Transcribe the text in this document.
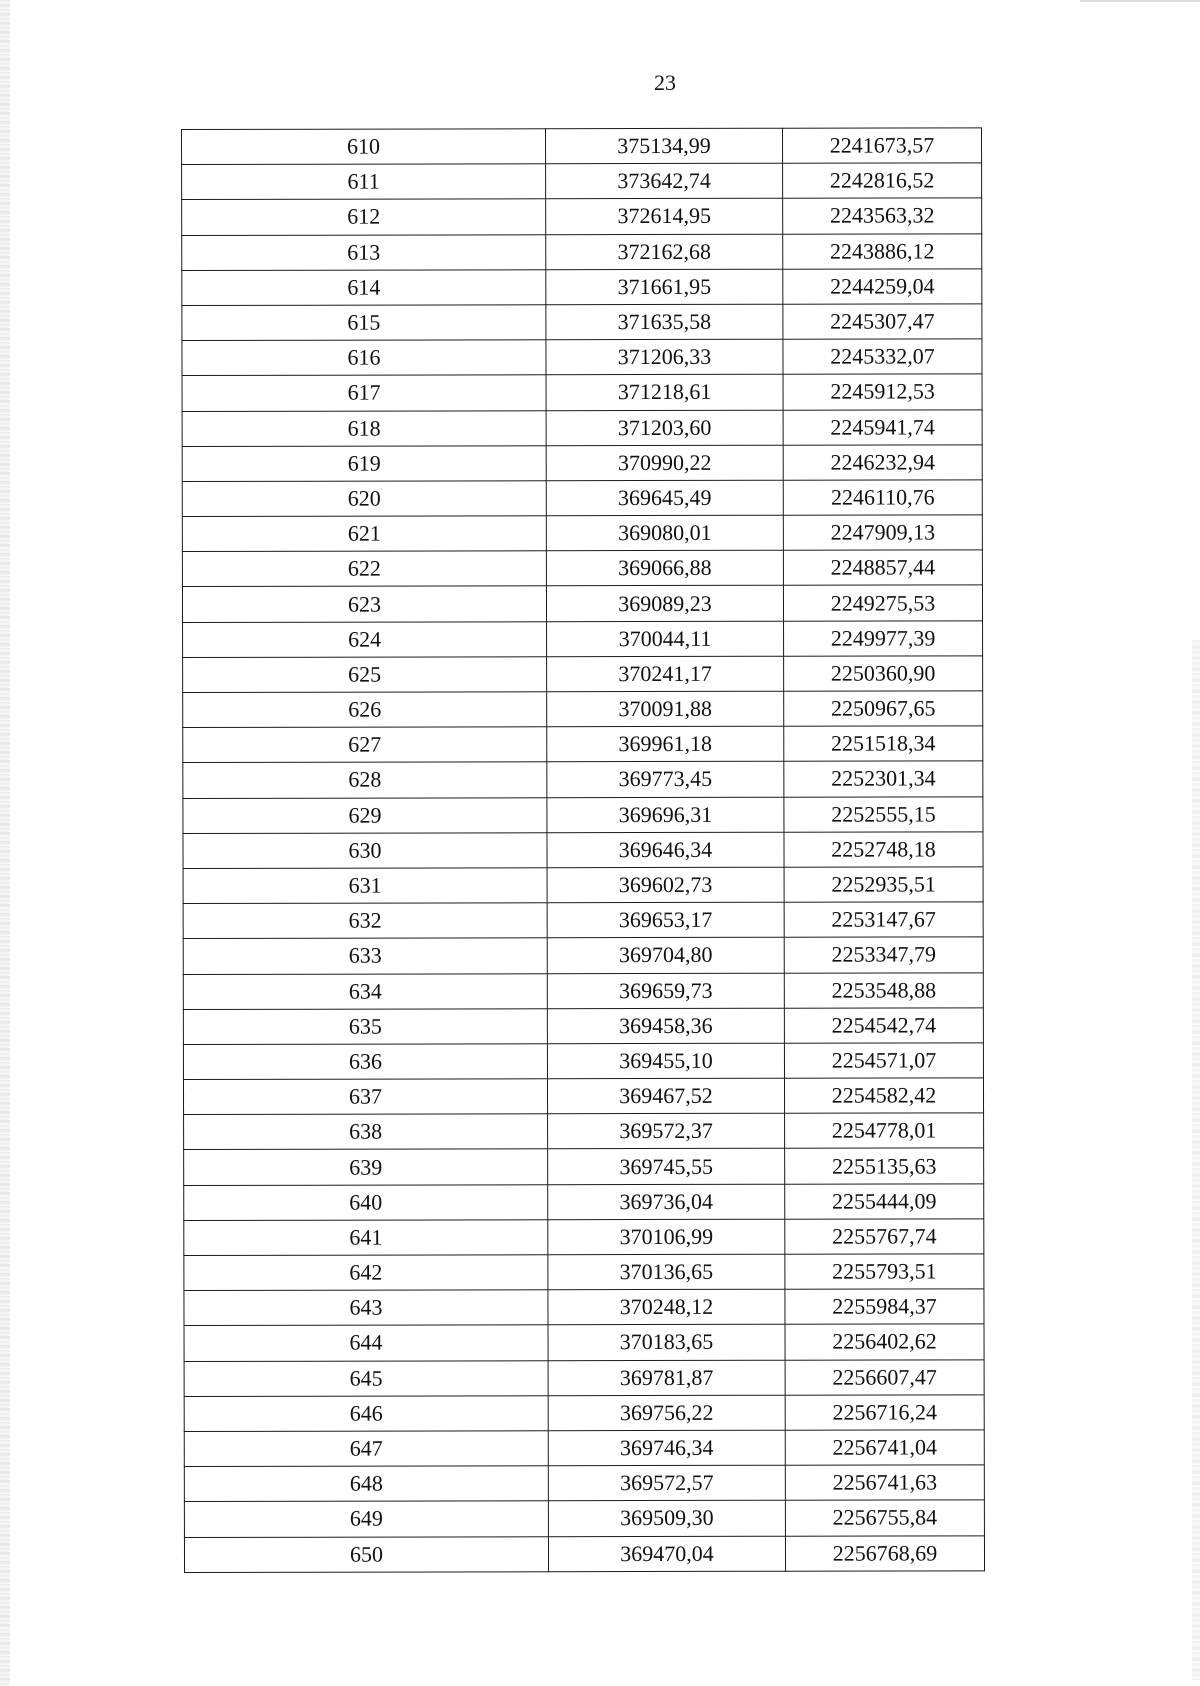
23
610	375134,99	2241673,57
611	373642,74	2242816,52
612	372614,95	2243563,32
613	372162,68	2243886,12
614	371661,95	2244259,04
615	371635,58	2245307,47
616	371206,33	2245332,07
617	371218,61	2245912,53
618	371203,60	2245941,74
619	370990,22	2246232,94
620	369645,49	2246110,76
621	369080,01	2247909,13
622	369066,88	2248857,44
623	369089,23	2249275,53
624	370044,11	2249977,39
625	370241,17	2250360,90
626	370091,88	2250967,65
627	369961,18	2251518,34
628	369773,45	2252301,34
629	369696,31	2252555,15
630	369646,34	2252748,18
631	369602,73	2252935,51
632	369653,17	2253147,67
633	369704,80	2253347,79
634	369659,73	2253548,88
635	369458,36	2254542,74
636	369455,10	2254571,07
637	369467,52	2254582,42
638	369572,37	2254778,01
639	369745,55	2255135,63
640	369736,04	2255444,09
641	370106,99	2255767,74
642	370136,65	2255793,51
643	370248,12	2255984,37
644	370183,65	2256402,62
645	369781,87	2256607,47
646	369756,22	2256716,24
647	369746,34	2256741,04
648	369572,57	2256741,63
649	369509,30	2256755,84
650	369470,04	2256768,69
